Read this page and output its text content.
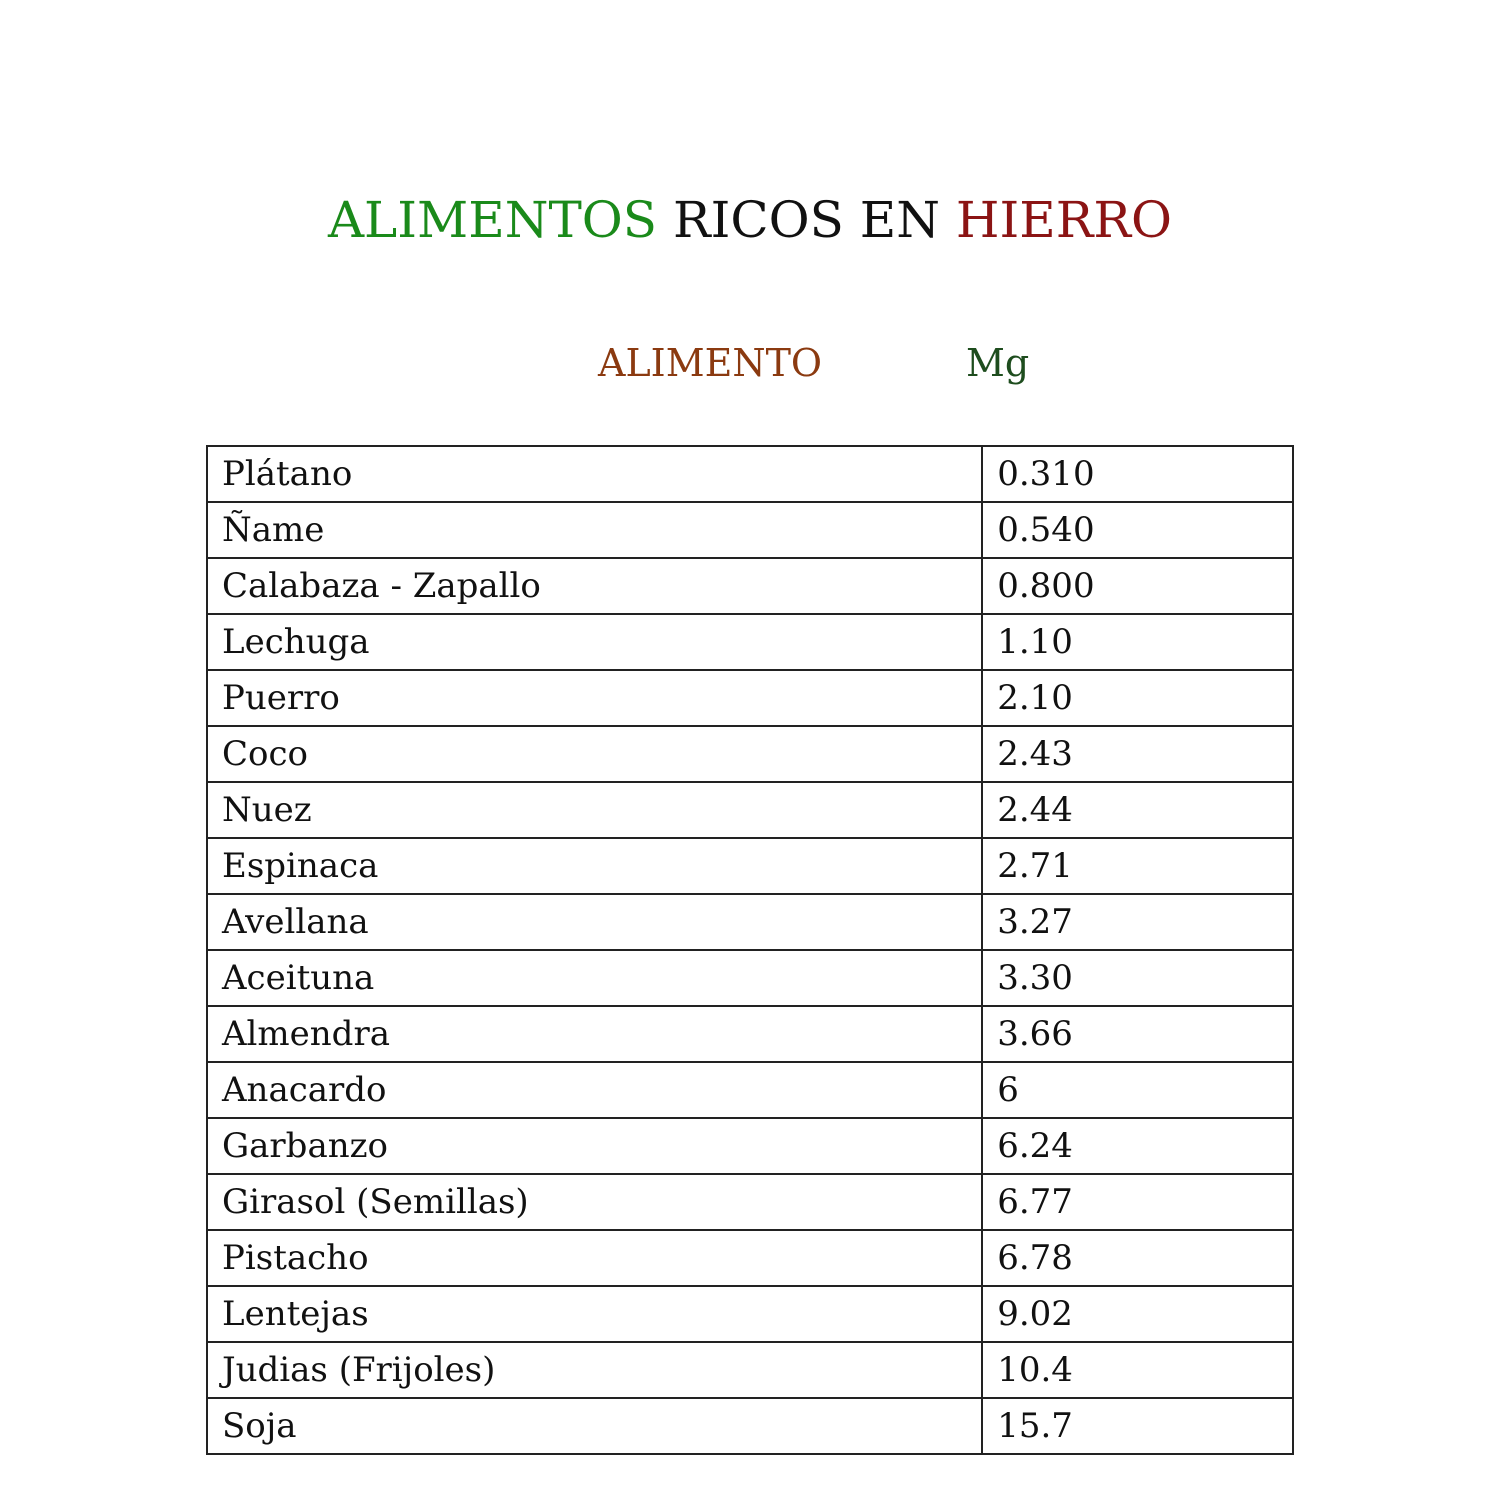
ALIMENTOS RICOS EN HIERRO
ALIMENTO	Mg
Plátano	0.310
Ñame	0.540
Calabaza - Zapallo	0.800
Lechuga	1.10
Puerro	2.10
Coco	2.43
Nuez	2.44
Espinaca	2.71
Avellana	3.27
Aceituna	3.30
Almendra	3.66
Anacardo	6
Garbanzo	6.24
Girasol (Semillas)	6.77
Pistacho	6.78
Lentejas	9.02
Judias (Frijoles)	10.4
Soja	15.7
